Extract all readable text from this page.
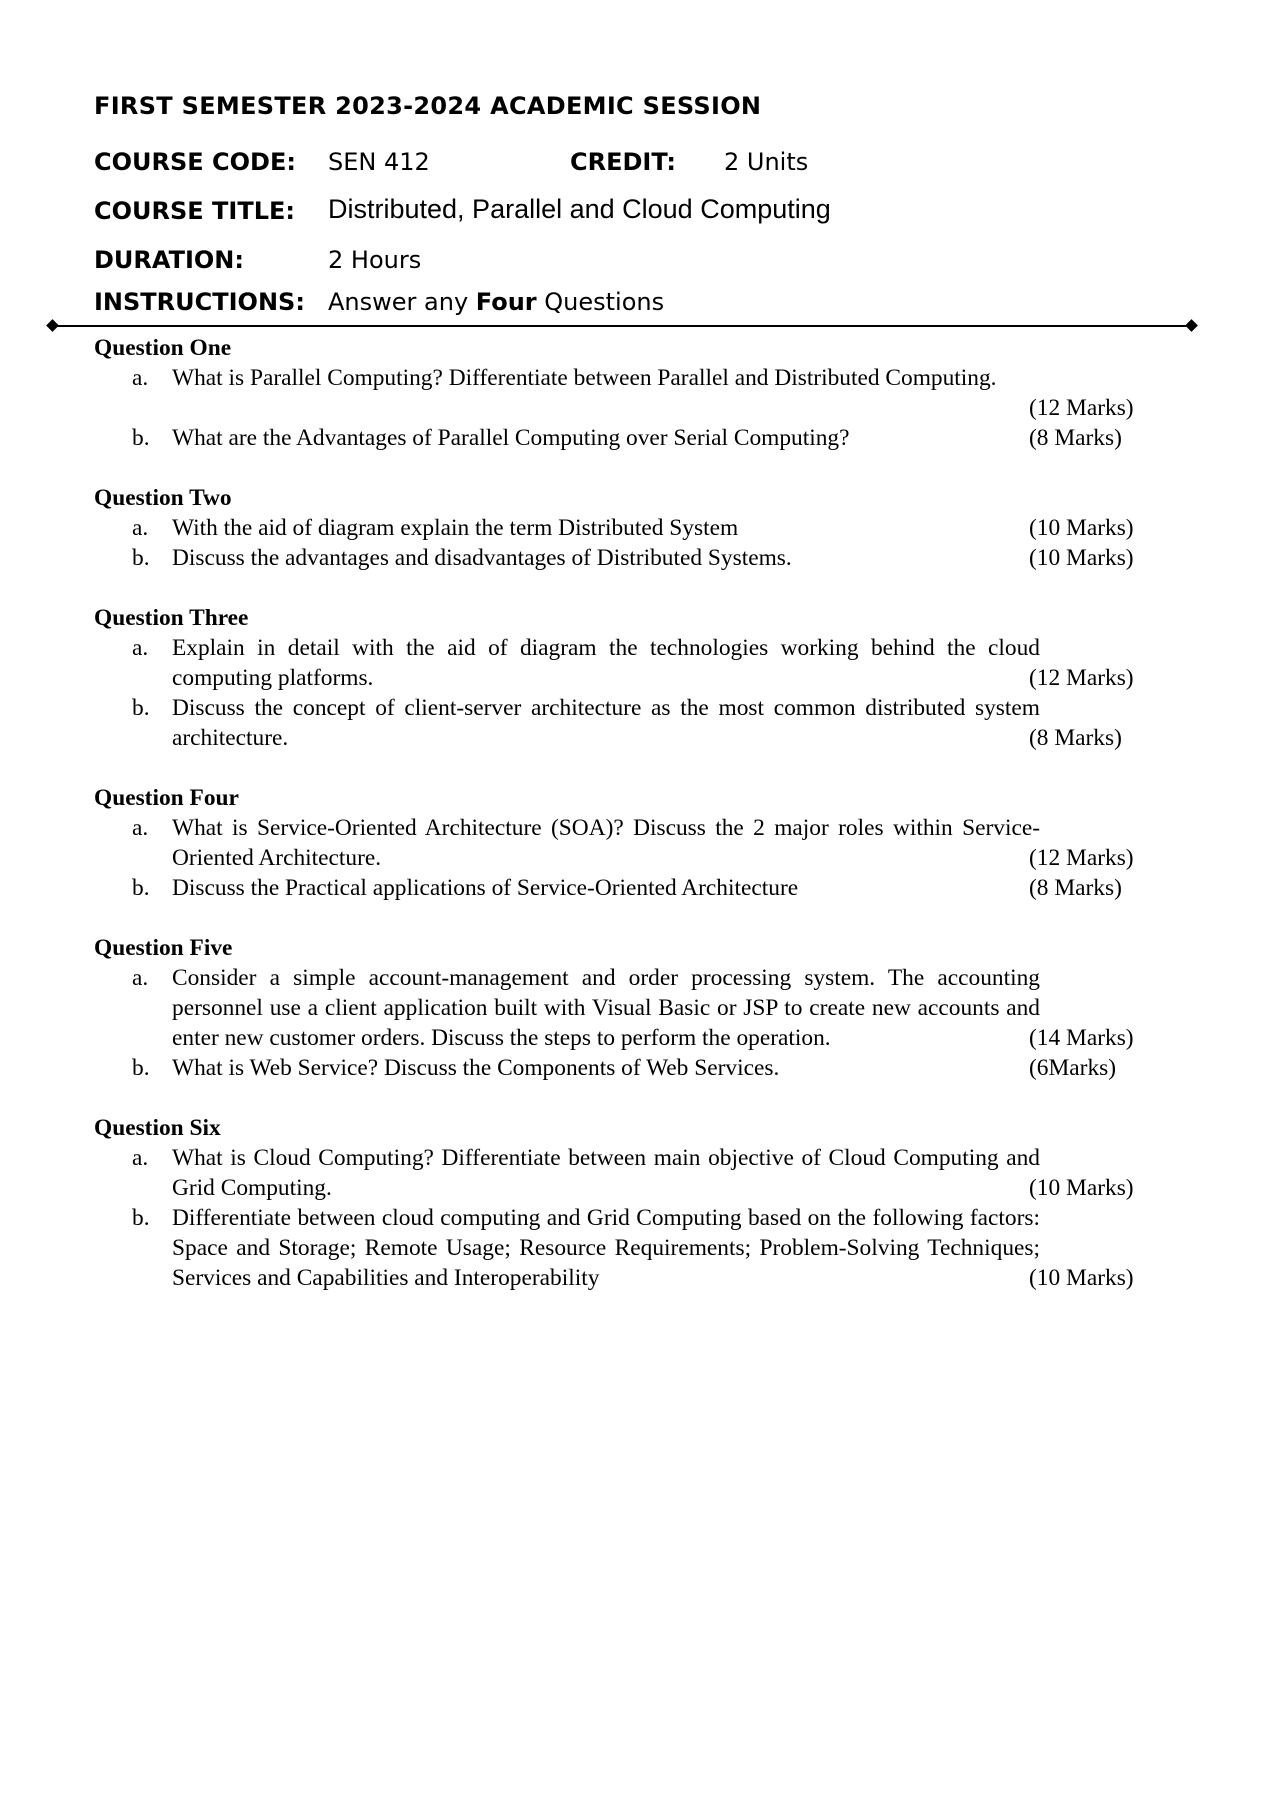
FIRST SEMESTER 2023-2024 ACADEMIC SESSION
COURSE CODE: SEN 412	CREDIT: 2 Units
COURSE TITLE: Distributed, Parallel and Cloud Computing
DURATION:	2 Hours
INSTRUCTIONS: Answer any Four Questions

Question One

a. What is Parallel Computing? Differentiate between Parallel and Distributed Computing.
(12 Marks)
b. What are the Advantages of Parallel Computing over Serial Computing?	(8 Marks)

Question Two

a. With the aid of diagram explain the term Distributed System	(10 Marks)
b. Discuss the advantages and disadvantages of Distributed Systems.	(10 Marks)

Question Three

a. Explain in detail with the aid of diagram the technologies working behind the cloud computing platforms.	(12 Marks)
b. Discuss the concept of client-server architecture as the most common distributed system architecture.	(8 Marks)

Question Four

a. What is Service-Oriented Architecture (SOA)? Discuss the 2 major roles within Service-Oriented Architecture.	(12 Marks)
b. Discuss the Practical applications of Service-Oriented Architecture	(8 Marks)

Question Five

a. Consider a simple account-management and order processing system. The accounting personnel use a client application built with Visual Basic or JSP to create new accounts and enter new customer orders. Discuss the steps to perform the operation.	(14 Marks)
b. What is Web Service? Discuss the Components of Web Services.	(6Marks)

Question Six

a. What is Cloud Computing? Differentiate between main objective of Cloud Computing and Grid Computing.	(10 Marks)
b. Differentiate between cloud computing and Grid Computing based on the following factors: Space and Storage; Remote Usage; Resource Requirements; Problem-Solving Techniques; Services and Capabilities and Interoperability	(10 Marks)
